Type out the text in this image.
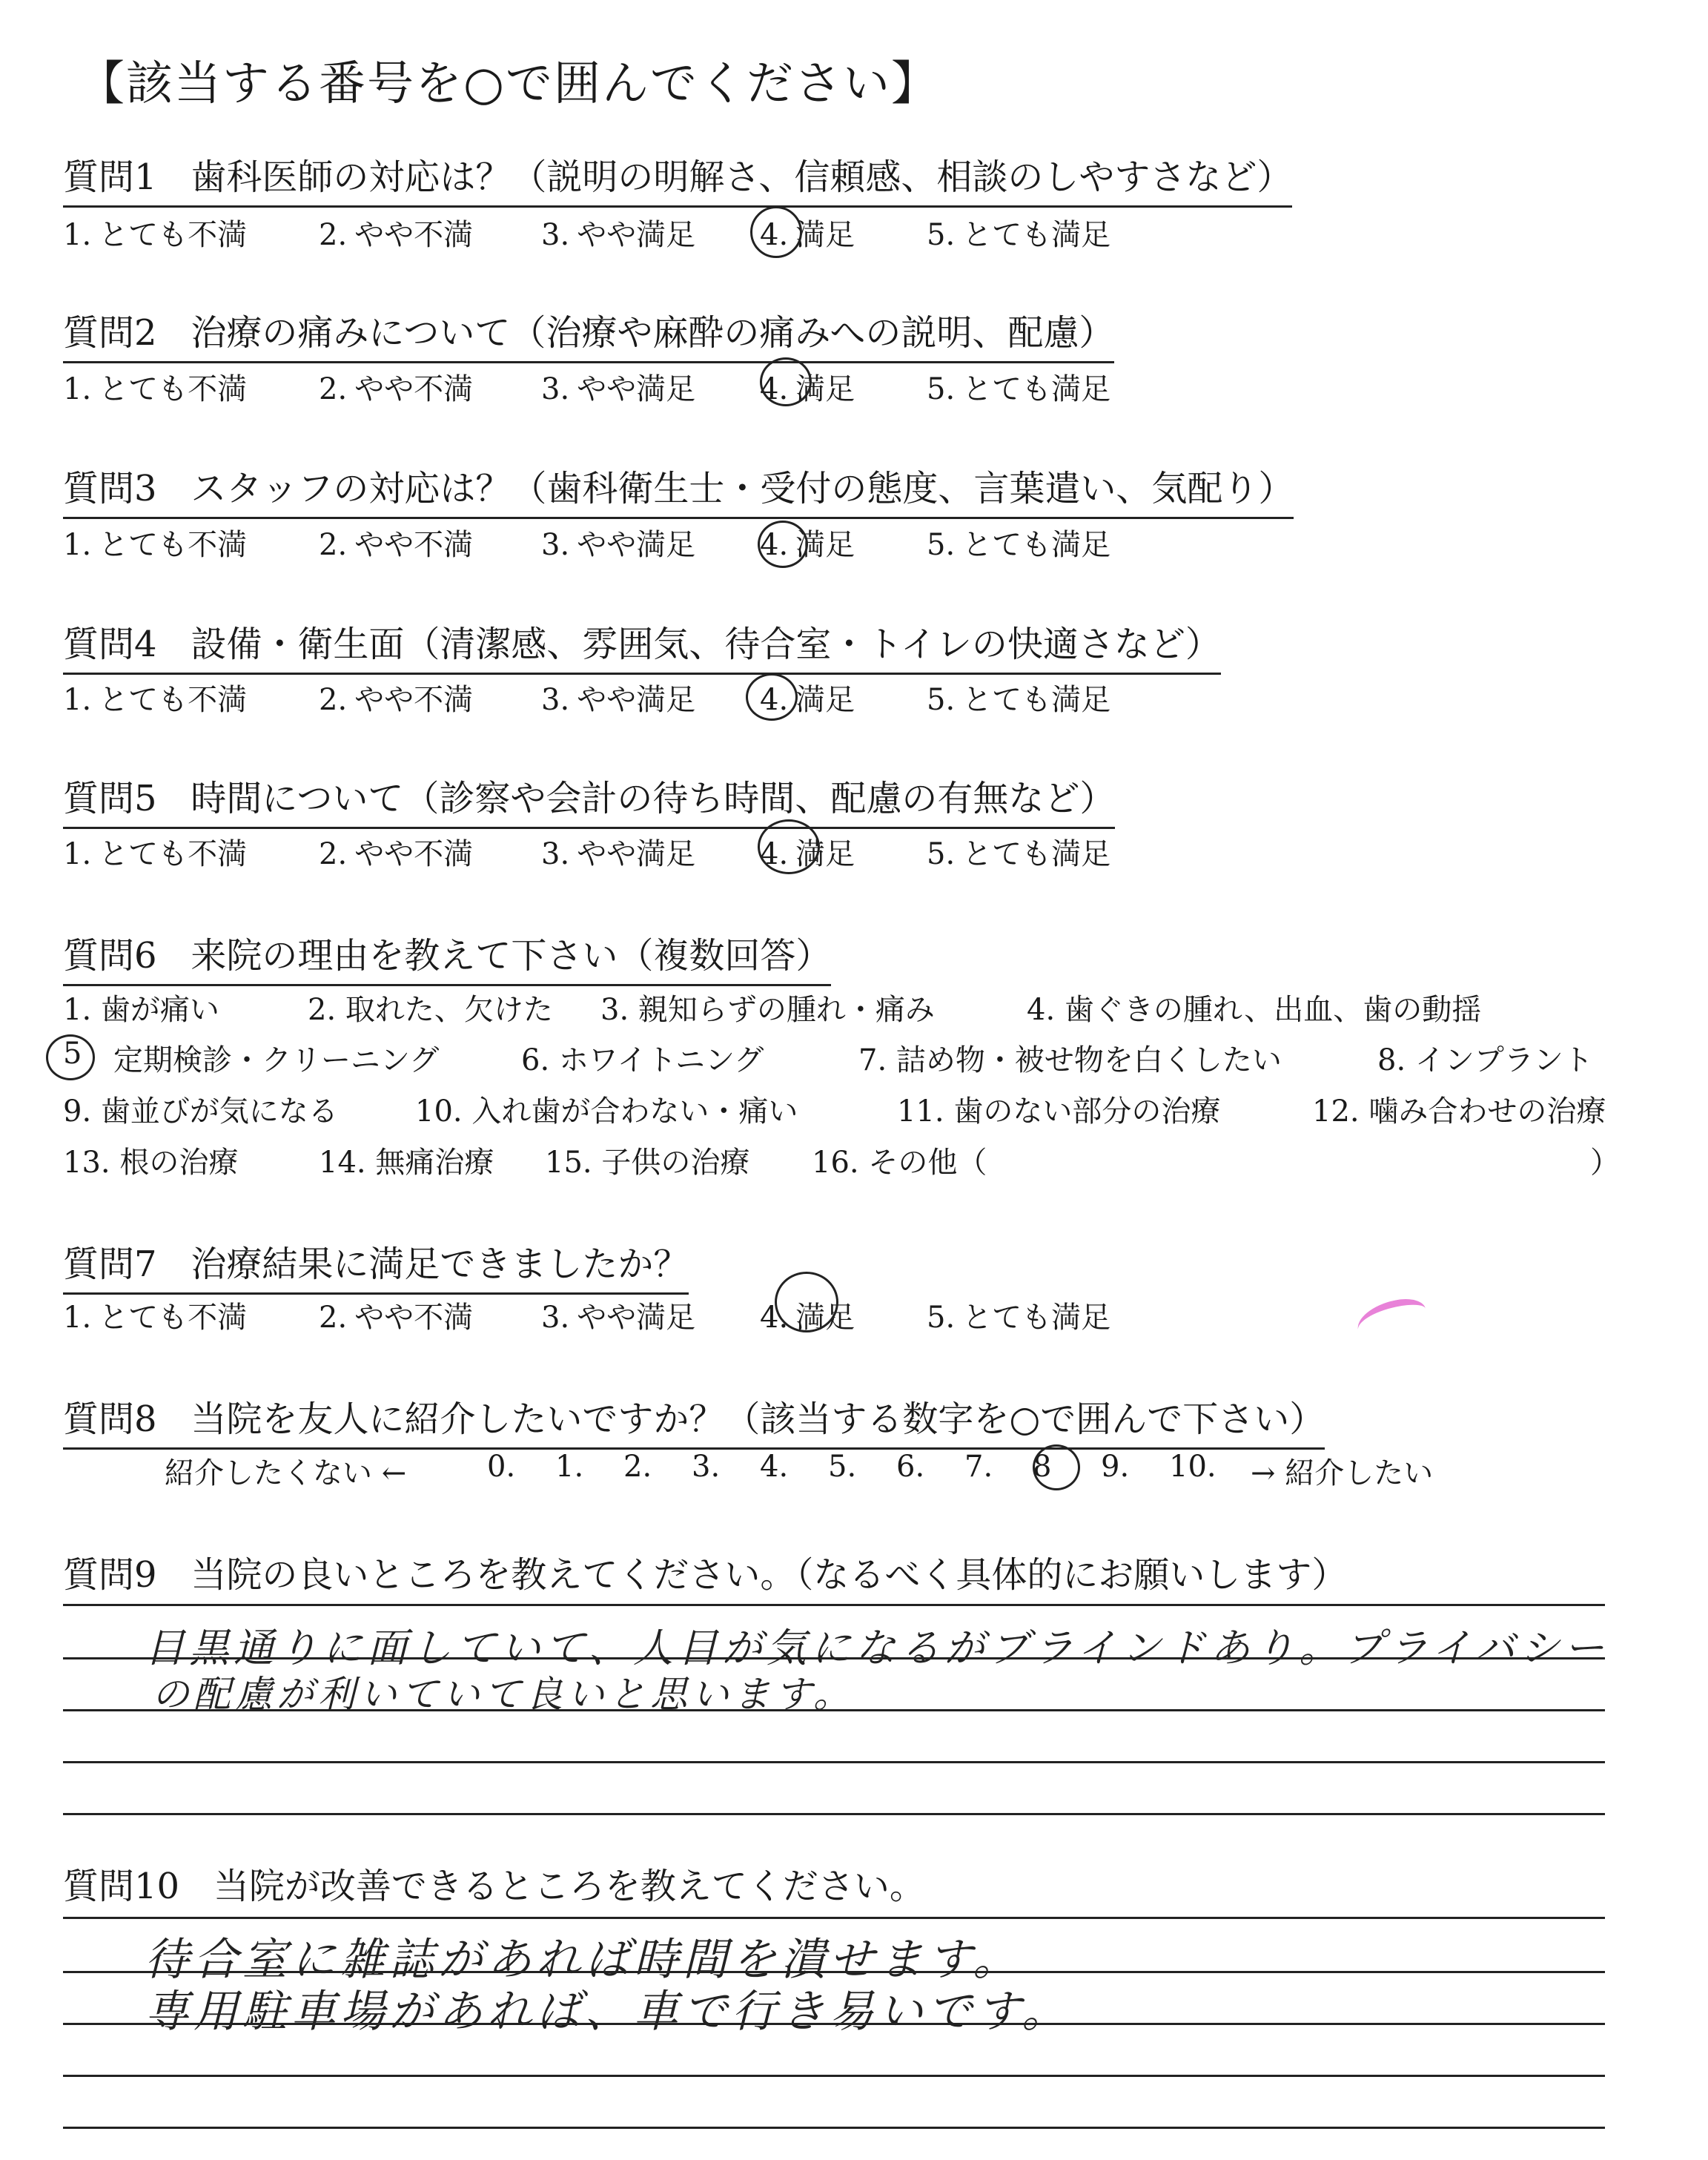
【該当する番号を○で囲んでください】
質問1 歯科医師の対応は？（説明の明解さ、信頼感、相談のしやすさなど）
1. とても不満	2. やや不満	3. やや満足	4. 満足	5. とても満足
質問2 治療の痛みについて（治療や麻酔の痛みへの説明、配慮）
1. とても不満	2. やや不満	3. やや満足	4. 満足	5. とても満足
質問3 スタッフの対応は？（歯科衛生士・受付の態度、言葉遣い、気配り）
1. とても不満	2. やや不満	3. やや満足	4. 満足	5. とても満足
質問4 設備・衛生面（清潔感、雰囲気、待合室・トイレの快適さなど）
1. とても不満	2. やや不満	3. やや満足	4. 満足	5. とても満足
質問5 時間について（診察や会計の待ち時間、配慮の有無など）
1. とても不満	2. やや不満	3. やや満足	4. 満足	5. とても満足
質問6 来院の理由を教えて下さい（複数回答）
1. 歯が痛い	2. 取れた、欠けた	3. 親知らずの腫れ・痛み	4. 歯ぐきの腫れ、出血、歯の動揺
5	定期検診・クリーニング	6. ホワイトニング	7. 詰め物・被せ物を白くしたい	8. インプラント
9. 歯並びが気になる	10. 入れ歯が合わない・痛い	11. 歯のない部分の治療	12. 噛み合わせの治療
13. 根の治療	14. 無痛治療	15. 子供の治療	16. その他（	）
質問7 治療結果に満足できましたか？
1. とても不満	2. やや不満	3. やや満足	4. 満足	5. とても満足
質問8 当院を友人に紹介したいですか？（該当する数字を○で囲んで下さい）
紹介したくない ←	0.	1.	2.	3.	4.	5.	6.	7.	8	9.	10.	→ 紹介したい
質問9 当院の良いところを教えてください。（なるべく具体的にお願いします）
目黒通りに面していて、人目が気になるがブラインドあり。プライバシー
の配慮が利いていて良いと思います。
質問10 当院が改善できるところを教えてください。
待合室に雑誌があれば時間を潰せます。
専用駐車場があれば、車で行き易いです。
